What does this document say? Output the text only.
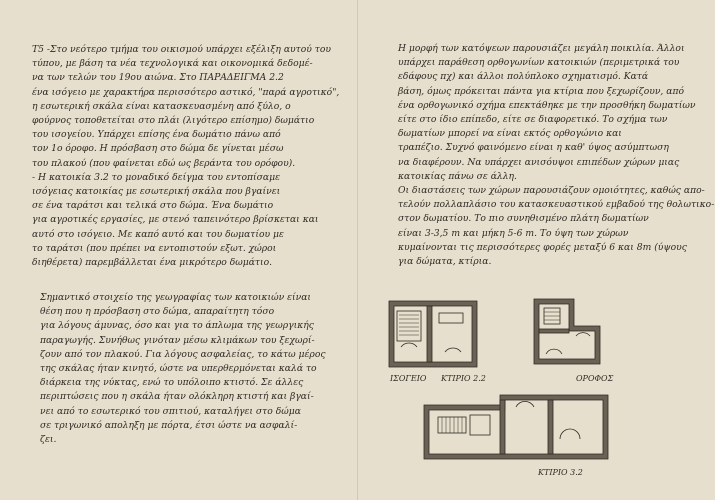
Τ5 -Στο νεότερο τμήμα του οικισμού υπάρχει εξέλιξη αυτού του

τύπου, με βάση τα νέα τεχνολογικά και οικονομικά δεδομέ-

να των τελών του 19ου αιώνα. Στο ΠΑΡΑΔΕΙΓΜΑ 2.2

ένα ισόγειο με χαρακτήρα περισσότερο αστικό, "παρά αγροτικό",

η εσωτερική σκάλα είναι κατασκευασμένη από ξύλο, ο

φούρνος τοποθετείται στο πλάι (λιγότερο επίσημο) δωμάτιο

του ισογείου. Υπάρχει επίσης ένα δωμάτιο πάνω από

τον 1ο όροφο. Η πρόσβαση στο δώμα δε γίνεται μέσω

του πλακού (που φαίνεται εδώ ως βεράντα του ορόφου).

- Η κατοικία 3.2 το μοναδικό δείγμα του εντοπίσαμε

ισόγειας κατοικίας με εσωτερική σκάλα που βγαίνει

σε ένα ταράτσι και τελικά στο δώμα. Ένα δωμάτιο

για αγροτικές εργασίες, με στενό ταπεινότερο βρίσκεται και

αυτό στο ισόγειο. Με καπό αυτό και του δωματίου με

το ταράτσι (που πρέπει να εντοπιστούν εξωτ. χώροι

διηθέρετα) παρεμβάλλεται ένα μικρότερο δωμάτιο.

Σημαντικό στοιχείο της γεωγραφίας των κατοικιών είναι

θέση που η πρόσβαση στο δώμα, απαραίτητη τόσο

για λόγους άμυνας, όσο και για το άπλωμα της γεωργικής

παραγωγής. Συνήθως γινόταν μέσω κλιμάκων του ξεχωρί-

ζουν από τον πλακού. Για λόγους ασφαλείας, το κάτω μέρος

της σκάλας ήταν κινητό, ώστε να υπερθερμόνεται καλά το

διάρκεια της νύκτας, ενώ το υπόλοιπο κτιστό. Σε άλλες

περιπτώσεις που η σκάλα ήταν ολόκληρη κτιστή και βγαί-

νει από το εσωτερικό του σπιτιού, καταλήγει στο δώμα

σε τριγωνικό αποληξη με πόρτα, έτσι ώστε να ασφαλί-

ζει.

Η μορφή των κατόψεων παρουσιάζει μεγάλη ποικιλία. Άλλοι

υπάρχει παράθεση ορθογωνίων κατοικιών (περιμετρικά του

εδάφους πχ) και άλλοι πολύπλοκο σχηματισμό. Κατά

βάση, όμως πρόκειται πάντα για κτίρια που ξεχωρίζουν, από

ένα ορθογωνικό σχήμα επεκτάθηκε με την προσθήκη δωματίων

είτε στο ίδιο επίπεδο, είτε σε διαφορετικό. Το σχήμα των

δωματίων μπορεί να είναι εκτός ορθογώνιο και

τραπέζιο. Συχνό φαινόμενο είναι η καθ' ύψος ασύμπτωση

να διαφέρουν. Να υπάρχει ανισόυψοι επιπέδων χώρων μιας

κατοικίας πάνω σε άλλη.

Οι διαστάσεις των χώρων παρουσιάζουν ομοιότητες, καθώς απο-

τελούν πολλαπλάσιο του κατασκευαστικού εμβαδού της θολωτικο-

στον δωματίου. Το πιο συνηθισμένο πλάτη δωματίων

είναι 3-3,5 m και μήκη 5-6 m. Το ύψη των χώρων

κυμαίνονται τις περισσότερες φορές μεταξύ 6 και 8m (ύψους

για δώματα, κτίρια.

ΙΣΟΓΕΙΟ ΚΤΙΡΙΟ 2.2	ΟΡΟΦΟΣ
ΚΤΙΡΙΟ 3.2
